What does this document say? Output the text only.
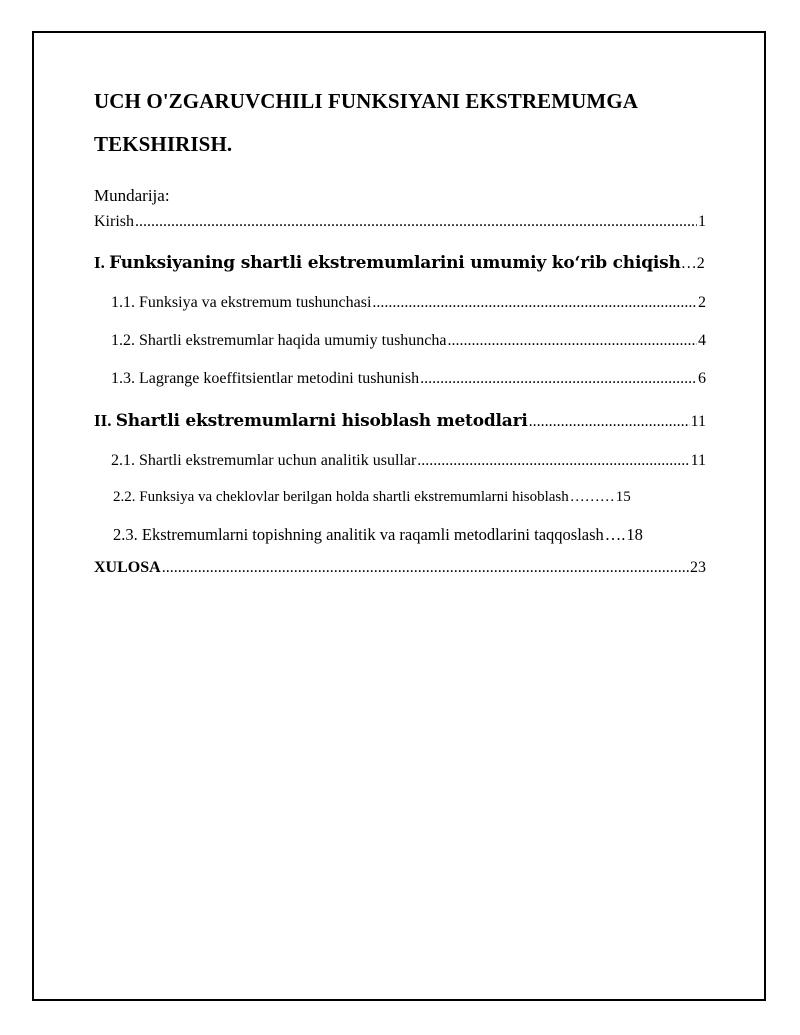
UCH O'ZGARUVCHILI FUNKSIYANI EKSTREMUMGA
TEKSHIRISH.
Mundarija:
Kirish .....	1
I. Funksiyaning shartli ekstremumlarini umumiy ko‘rib chiqish … 2
1.1. Funksiya va ekstremum tushunchasi .....	2
1.2. Shartli ekstremumlar haqida umumiy tushuncha .....	4
1.3. Lagrange koeffitsientlar metodini tushunish .....	6
II. Shartli ekstremumlarni hisoblash metodlari .....	11
2.1. Shartli ekstremumlar uchun analitik usullar .....	11
2.2. Funksiya va cheklovlar berilgan holda shartli ekstremumlarni hisoblash ……… 15
2.3. Ekstremumlarni topishning analitik va raqamli metodlarini taqqoslash …. 18
XULOSA .....	23
